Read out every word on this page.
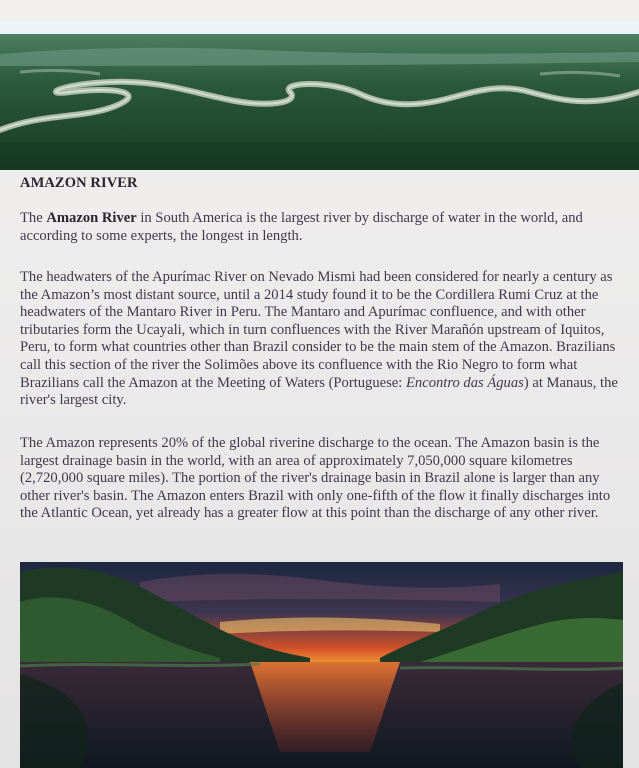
AMAZON RIVER

The Amazon River in South America is the largest river by discharge of water in the world, and according to some experts, the longest in length.

The headwaters of the Apurímac River on Nevado Mismi had been considered for nearly a century as the Amazon’s most distant source, until a 2014 study found it to be the Cordillera Rumi Cruz at the headwaters of the Mantaro River in Peru. The Mantaro and Apurímac confluence, and with other tributaries form the Ucayali, which in turn confluences with the River Marañón upstream of Iquitos, Peru, to form what countries other than Brazil consider to be the main stem of the Amazon. Brazilians call this section of the river the Solimões above its confluence with the Rio Negro to form what Brazilians call the Amazon at the Meeting of Waters (Portuguese: Encontro das Águas) at Manaus, the river's largest city.

The Amazon represents 20% of the global riverine discharge to the ocean. The Amazon basin is the largest drainage basin in the world, with an area of approximately 7,050,000 square kilometres (2,720,000 square miles). The portion of the river's drainage basin in Brazil alone is larger than any other river's basin. The Amazon enters Brazil with only one-fifth of the flow it finally discharges into the Atlantic Ocean, yet already has a greater flow at this point than the discharge of any other river.
